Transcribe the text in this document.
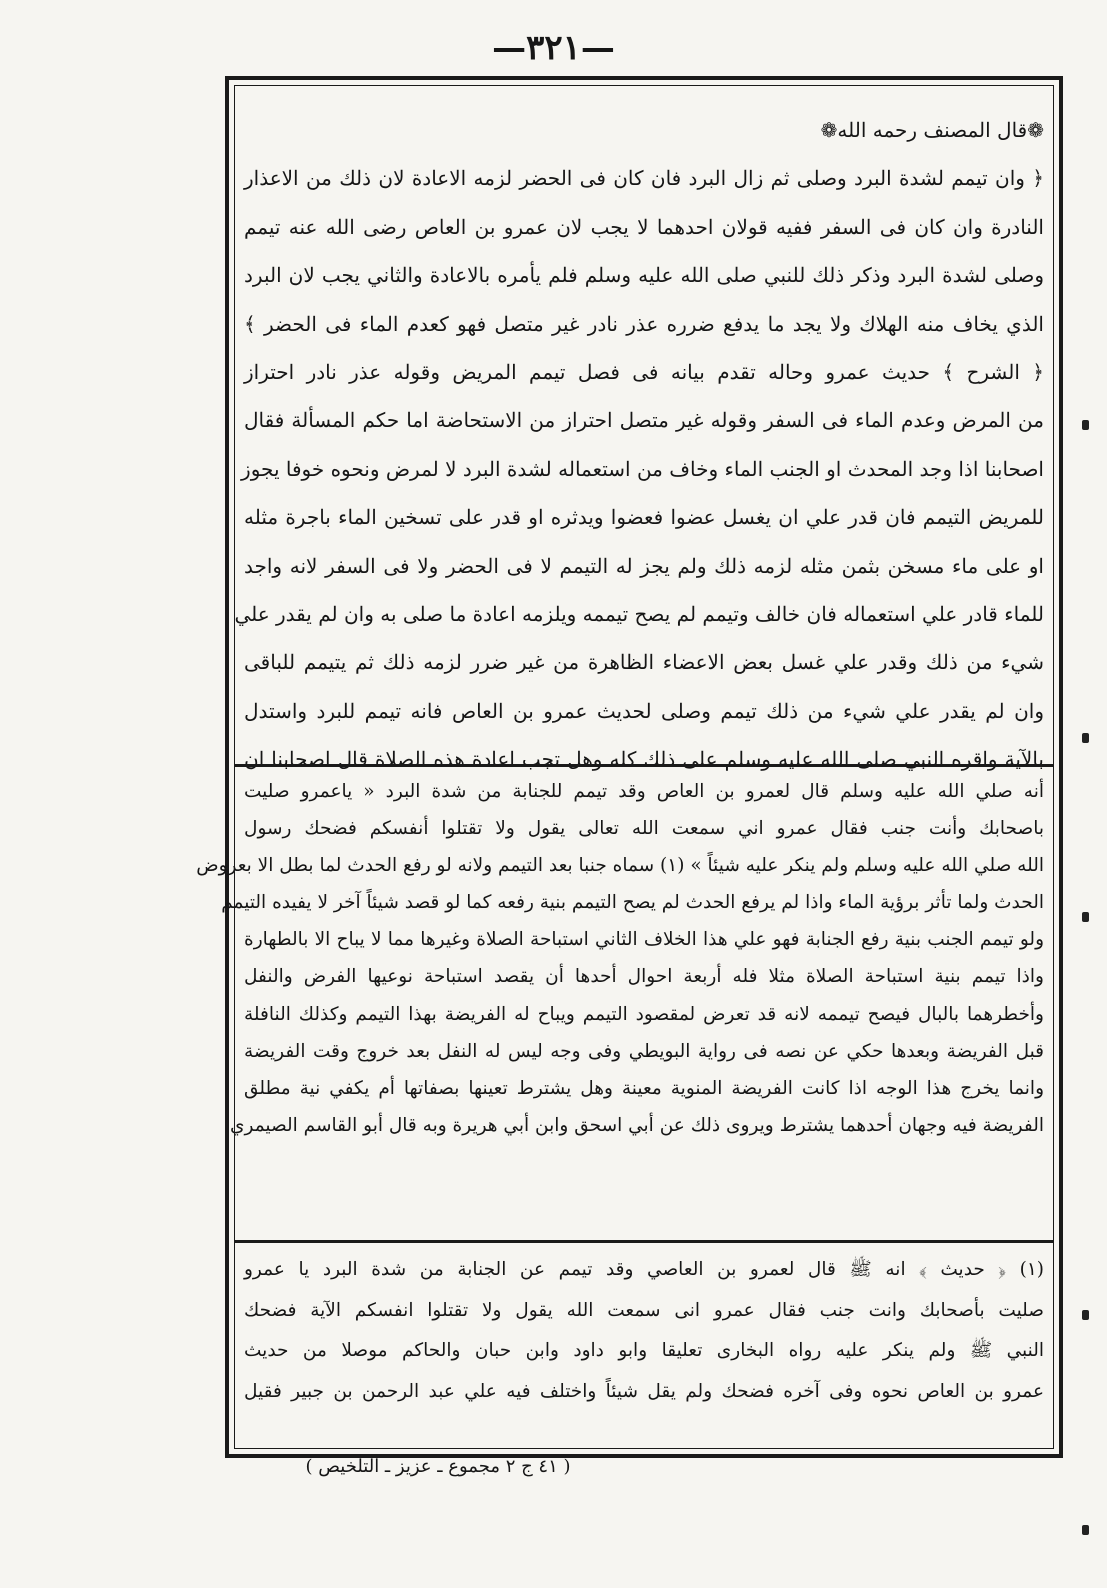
—٣٢١—
❁قال المصنف رحمه الله❁
﴿ وان تيمم لشدة البرد وصلى ثم زال البرد فان كان فى الحضر لزمه الاعادة لان ذلك من الاعذار
النادرة وان كان فى السفر ففيه قولان احدهما لا يجب لان عمرو بن العاص رضى الله عنه تيمم
وصلى لشدة البرد وذكر ذلك للنبي صلى الله عليه وسلم فلم يأمره بالاعادة والثاني يجب لان البرد
الذي يخاف منه الهلاك ولا يجد ما يدفع ضرره عذر نادر غير متصل فهو كعدم الماء فى الحضر ﴾
﴿ الشرح ﴾ حديث عمرو وحاله تقدم بيانه فى فصل تيمم المريض وقوله عذر نادر احتراز
من المرض وعدم الماء فى السفر وقوله غير متصل احتراز من الاستحاضة اما حكم المسألة فقال
اصحابنا اذا وجد المحدث او الجنب الماء وخاف من استعماله لشدة البرد لا لمرض ونحوه خوفا يجوز
للمريض التيمم فان قدر علي ان يغسل عضوا فعضوا ويدثره او قدر على تسخين الماء باجرة مثله
او على ماء مسخن بثمن مثله لزمه ذلك ولم يجز له التيمم لا فى الحضر ولا فى السفر لانه واجد
للماء قادر علي استعماله فان خالف وتيمم لم يصح تيممه ويلزمه اعادة ما صلى به وان لم يقدر علي
شيء من ذلك وقدر علي غسل بعض الاعضاء الظاهرة من غير ضرر لزمه ذلك ثم يتيمم للباقى
وان لم يقدر علي شيء من ذلك تيمم وصلى لحديث عمرو بن العاص فانه تيمم للبرد واستدل
بالآية واقره النبي صلى الله عليه وسلم على ذلك كله وهل تجب اعادة هذه الصلاة قال اصحابنا ان
أنه صلي الله عليه وسلم قال لعمرو بن العاص وقد تيمم للجنابة من شدة البرد « ياعمرو صليت
باصحابك وأنت جنب فقال عمرو اني سمعت الله تعالى يقول ولا تقتلوا أنفسكم فضحك رسول
الله صلي الله عليه وسلم ولم ينكر عليه شيئاً » (١) سماه جنبا بعد التيمم ولانه لو رفع الحدث لما بطل الا بعروض
الحدث ولما تأثر برؤية الماء واذا لم يرفع الحدث لم يصح التيمم بنية رفعه كما لو قصد شيئاً آخر لا يفيده التيمم
ولو تيمم الجنب بنية رفع الجنابة فهو علي هذا الخلاف الثاني استباحة الصلاة وغيرها مما لا يباح الا بالطهارة
واذا تيمم بنية استباحة الصلاة مثلا فله أربعة احوال أحدها أن يقصد استباحة نوعيها الفرض والنفل
وأخطرهما بالبال فيصح تيممه لانه قد تعرض لمقصود التيمم ويباح له الفريضة بهذا التيمم وكذلك النافلة
قبل الفريضة وبعدها حكي عن نصه فى رواية البويطي وفى وجه ليس له النفل بعد خروج وقت الفريضة
وانما يخرج هذا الوجه اذا كانت الفريضة المنوية معينة وهل يشترط تعينها بصفاتها أم يكفي نية مطلق
الفريضة فيه وجهان أحدهما يشترط ويروى ذلك عن أبي اسحق وابن أبي هريرة وبه قال أبو القاسم الصيمري
(١) ﴿ حديث ﴾ انه ﷺ قال لعمرو بن العاصي وقد تيمم عن الجنابة من شدة البرد يا عمرو
صليت بأصحابك وانت جنب فقال عمرو انى سمعت الله يقول ولا تقتلوا انفسكم الآية فضحك
النبي ﷺ ولم ينكر عليه رواه البخارى تعليقا وابو داود وابن حبان والحاكم موصلا من حديث
عمرو بن العاص نحوه وفى آخره فضحك ولم يقل شيئاً واختلف فيه علي عبد الرحمن بن جبير فقيل
( ٤١ ج ٢ مجموع ـ عزيز ـ التلخيص )
